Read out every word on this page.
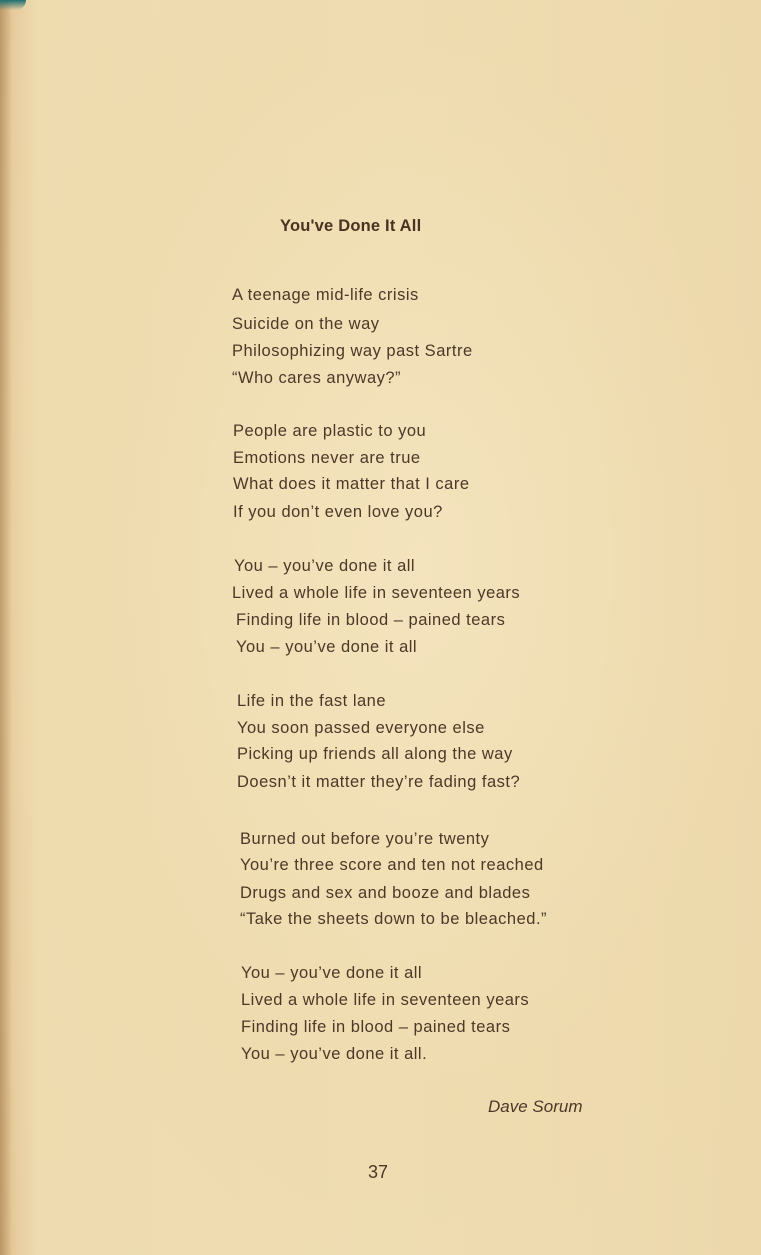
You've Done It All
A teenage mid-life crisis
Suicide on the way
Philosophizing way past Sartre
“Who cares anyway?”
People are plastic to you
Emotions never are true
What does it matter that I care
If you don’t even love you?
You – you’ve done it all
Lived a whole life in seventeen years
Finding life in blood – pained tears
You – you’ve done it all
Life in the fast lane
You soon passed everyone else
Picking up friends all along the way
Doesn’t it matter they’re fading fast?
Burned out before you’re twenty
You’re three score and ten not reached
Drugs and sex and booze and blades
“Take the sheets down to be bleached.”
You – you’ve done it all
Lived a whole life in seventeen years
Finding life in blood – pained tears
You – you’ve done it all.
Dave Sorum
37
